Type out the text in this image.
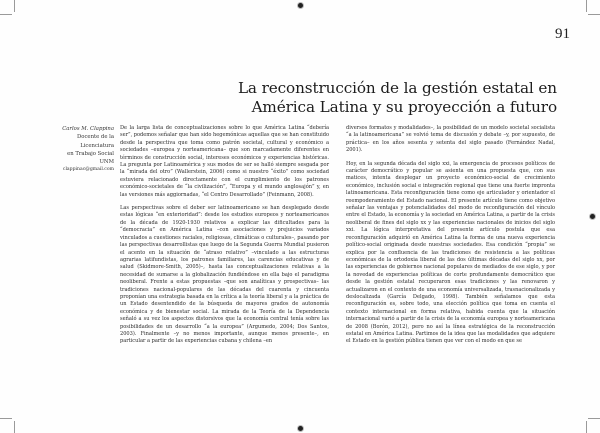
91
La reconstrucción de la gestión estatal en
América Latina y su proyección a futuro
Carlos M. Clappina
Docente de la
Licenciatura
en Trabajo Social
UNM
clappinac@gmail.com

De la larga lista de conceptualizaciones sobre lo que América Latina “debería ser”, podemos señalar que han sido hegemónicas aquellas que se han constituido desde la perspectiva que toma como patrón societal, cultural y económico a sociedades –europea y norteamericana– que son marcadamente diferentes en términos de construcción social, intereses económicos y experiencias históricas. La pregunta por Latinoamérica y sus modos de ser se halló siempre sesgada por la “mirada del otro” (Wallerstein, 2006) como si nuestro “éxito” como sociedad estuviera relacionado directamente con el cumplimiento de los patrones económico-societales de “la civilización”, “Europa y el mundo anglosajón” y, en las versiones más aggiornadas, “el Centro Desarrollado” (Feinmann, 2008).

Las perspectivas sobre el deber ser latinoamericano se han desplegado desde estas lógicas “en exterioridad”: desde los estudios europeos y norteamericanos de la década de 1920-1930 relativos a explicar las dificultades para la “democracia” en América Latina –con asociaciones y prejuicios variados vinculados a cuestiones raciales, religiosas, climáticas o culturales–, pasando por las perspectivas desarrollistas que luego de la Segunda Guerra Mundial pusieron el acento en la situación de “atraso relativo” –vinculado a las estructuras agrarias latifundistas, los patrones familiares, las carencias educativas y de salud (Skidmore-Smith, 2005)–, hasta las conceptualizaciones relativas a la necesidad de sumarse a la globalización fundiéndose en ella bajo el paradigma neoliberal. Frente a estas propuestas –que son analíticas y prospectivas– las tradiciones nacional-populares de las décadas del cuarenta y cincuenta proponían una estrategia basada en la crítica a la teoría liberal y a la práctica de un Estado desentendido de la búsqueda de mayores grados de autonomía económica y de bienestar social. La mirada de la Teoría de la Dependencia señaló a su vez los aspectos distorsivos que la economía central tenía sobre las posibilidades de un desarrollo “a la europea” (Argumedo, 2004; Dos Santos, 2003). Finalmente –y no menos importante, aunque menos presente–, en particular a partir de las experiencias cubana y chilena –en

diversos formatos y modalidades–, la posibilidad de un modelo societal socialista “a la latinoamericana” se volvió tema de discusión y debate –y, por supuesto, de práctica– en los años sesenta y setenta del siglo pasado (Fernández Nadal, 2001).

Hoy, en la segunda década del siglo xxi, la emergencia de procesos políticos de carácter democrático y popular se asienta en una propuesta que, con sus matices, intenta desplegar un proyecto económico-social de crecimiento económico, inclusión social e integración regional que tiene una fuerte impronta latinoamericana. Esta reconfiguración tiene como eje articulador y orientador el reempoderamiento del Estado nacional. El presente artículo tiene como objetivo señalar las ventajas y potencialidades del modo de reconfiguración del vínculo entre el Estado, la economía y la sociedad en América Latina, a partir de la crisis neoliberal de fines del siglo xx y las experiencias nacionales de inicios del siglo xxi. La lógica interpretativa del presente artículo postula que esa reconfiguración adquirió en América Latina la forma de una nueva experiencia político-social originada desde nuestras sociedades. Esa condición “propia” se explica por la confluencia de las tradiciones de resistencia a las políticas económicas de la ortodoxia liberal de las dos últimas décadas del siglo xx, por las experiencias de gobiernos nacional populares de mediados de ese siglo, y por la novedad de experiencias políticas de corte profundamente democrático que desde la gestión estatal recuperaron esas tradiciones y las renovaron y actualizaron en el contexto de una economía universalizada, trasnacionalizada y deslocalizada (García Delgado, 1998). También señalamos que esta reconfiguración es, sobre todo, una elección política que toma en cuenta el contexto internacional en forma relativa, habida cuenta que la situación internacional varió a partir de la crisis de la economía europea y norteamericana de 2008 (Borón, 2012), pero no así la línea estratégica de la reconstrucción estatal en América Latina. Partimos de la idea que las modalidades que adquiere el Estado en la gestión pública tienen que ver con el modo en que se
